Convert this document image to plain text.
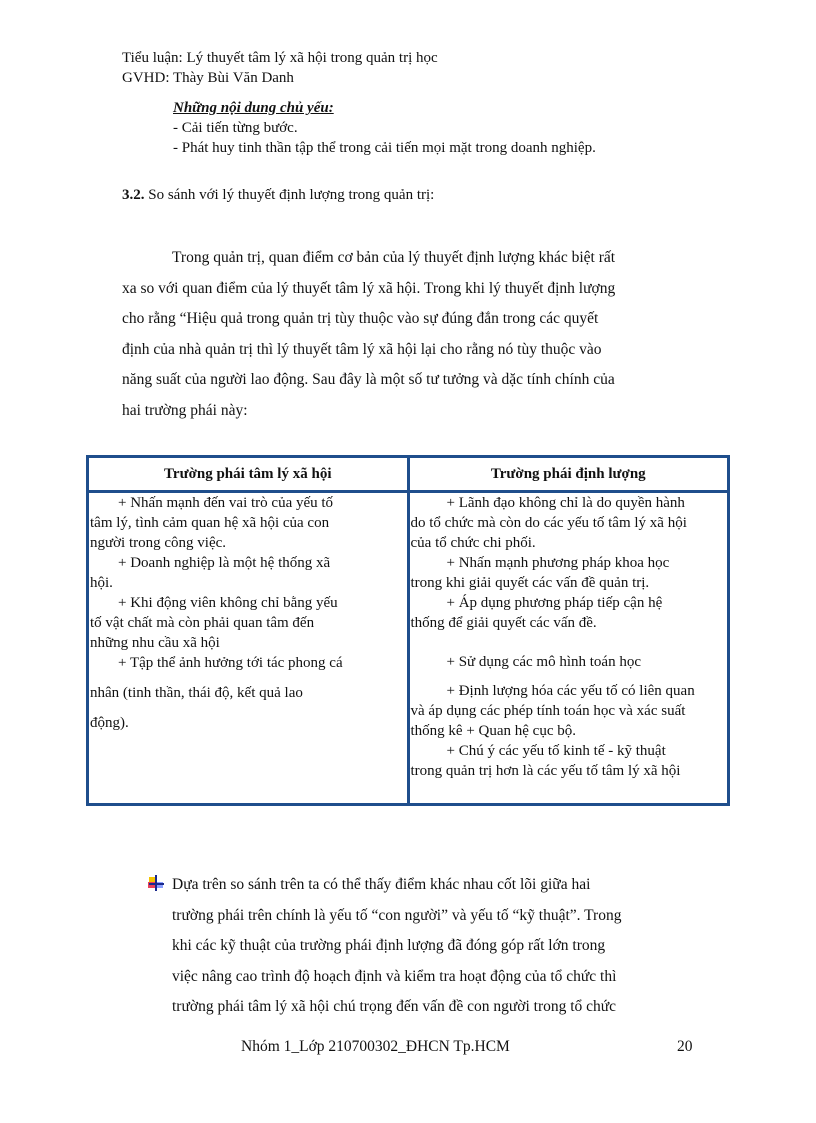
Tiểu luận: Lý thuyết tâm lý xã hội trong quản trị học
GVHD: Thày Bùi Văn Danh
Những nội dung chủ yếu:
- Cải tiến từng bước.
- Phát huy tinh thần tập thể trong cải tiến mọi mặt trong doanh nghiệp.
3.2. So sánh với lý thuyết định lượng trong quản trị:
Trong quản trị, quan điểm cơ bản của lý thuyết định lượng khác biệt rất
xa so với quan điểm của lý thuyết tâm lý xã hội. Trong khi lý thuyết định lượng
cho rằng “Hiệu quả trong quản trị tùy thuộc vào sự đúng đắn trong các quyết
định của nhà quản trị thì lý thuyết tâm lý xã hội lại cho rằng nó tùy thuộc vào
năng suất của người lao động. Sau đây là một số tư tưởng và dặc tính chính của
hai trường phái này:
Trường phái tâm lý xã hội	Trường phái định lượng

+ Nhấn mạnh đến vai trò của yếu tố
tâm lý, tình cảm quan hệ xã hội của con
người trong công việc.
+ Doanh nghiệp là một hệ thống xã
hội.
+ Khi động viên không chỉ bằng yếu
tố vật chất mà còn phải quan tâm đến
những nhu cầu xã hội
+ Tập thể ảnh hưởng tới tác phong cá
nhân (tinh thần, thái độ, kết quả lao
động).

+ Lãnh đạo không chỉ là do quyền hành
do tổ chức mà còn do các yếu tố tâm lý xã hội
của tổ chức chi phối.
+ Nhấn mạnh phương pháp khoa học
trong khi giải quyết các vấn đề quản trị.
+ Áp dụng phương pháp tiếp cận hệ
thống để giải quyết các vấn đề.
+ Sử dụng các mô hình toán học
+ Định lượng hóa các yếu tố có liên quan
và áp dụng các phép tính toán học và xác suất
thống kê + Quan hệ cục bộ.
+ Chú ý các yếu tố kinh tế - kỹ thuật
trong quản trị hơn là các yếu tố tâm lý xã hội
Dựa trên so sánh trên ta có thể thấy điểm khác nhau cốt lõi giữa hai
trường phái trên chính là yếu tố “con người” và yếu tố “kỹ thuật”. Trong
khi các kỹ thuật của trường phái định lượng đã đóng góp rất lớn trong
việc nâng cao trình độ hoạch định và kiểm tra hoạt động của tổ chức thì
trường phái tâm lý xã hội chú trọng đến vấn đề con người trong tổ chức
Nhóm 1_Lớp 210700302_ĐHCN Tp.HCM	20
